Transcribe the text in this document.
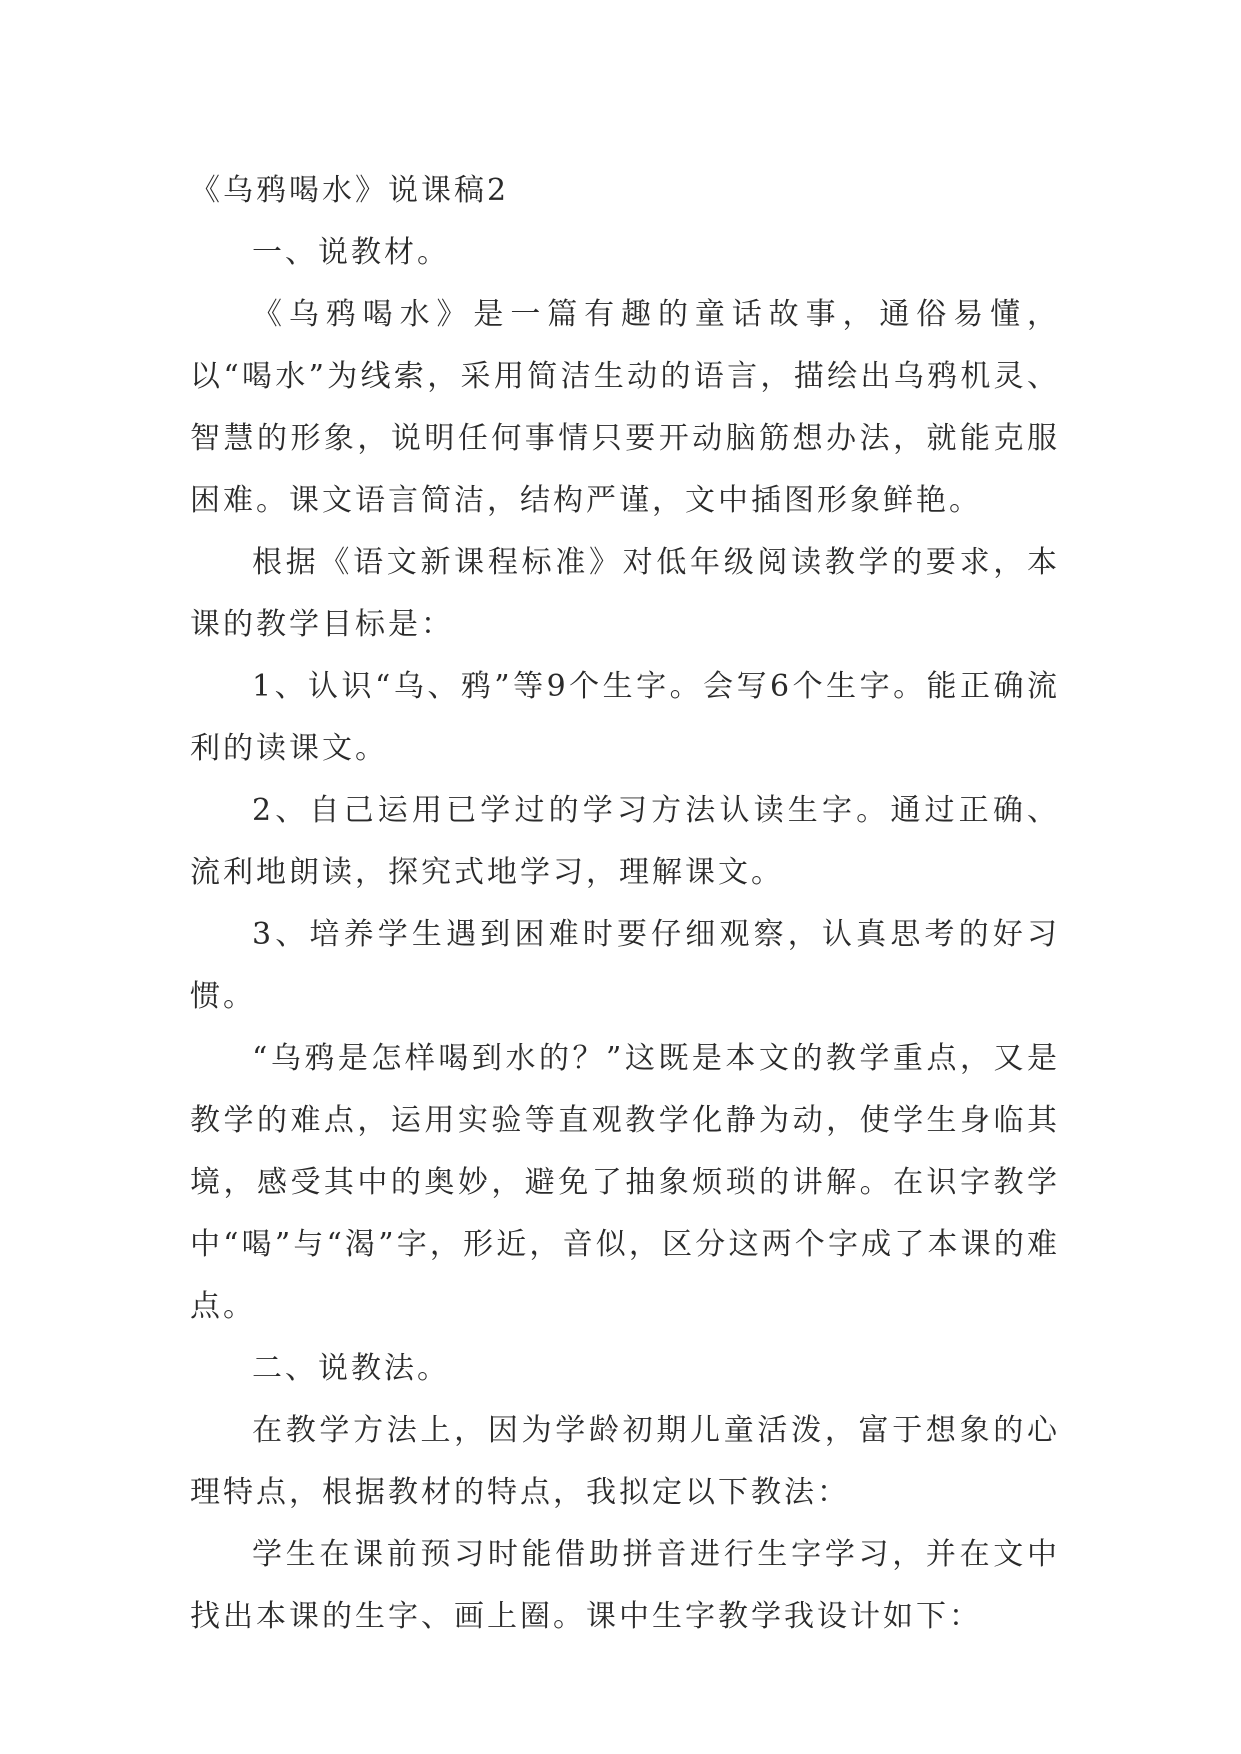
《乌鸦喝水》说课稿2

一、说教材。

《乌鸦喝水》是一篇有趣的童话故事，通俗易懂，以“喝水”为线索，采用简洁生动的语言，描绘出乌鸦机灵、智慧的形象，说明任何事情只要开动脑筋想办法，就能克服困难。课文语言简洁，结构严谨，文中插图形象鲜艳。

根据《语文新课程标准》对低年级阅读教学的要求，本课的教学目标是：

1、认识“乌、鸦”等9个生字。会写6个生字。能正确流利的读课文。

2、自己运用已学过的学习方法认读生字。通过正确、流利地朗读，探究式地学习，理解课文。

3、培养学生遇到困难时要仔细观察，认真思考的好习惯。

“乌鸦是怎样喝到水的？”这既是本文的教学重点，又是教学的难点，运用实验等直观教学化静为动，使学生身临其境，感受其中的奥妙，避免了抽象烦琐的讲解。在识字教学中“喝”与“渴”字，形近，音似，区分这两个字成了本课的难点。

二、说教法。

在教学方法上，因为学龄初期儿童活泼，富于想象的心理特点，根据教材的特点，我拟定以下教法：

学生在课前预习时能借助拼音进行生字学习，并在文中找出本课的生字、画上圈。课中生字教学我设计如下：
